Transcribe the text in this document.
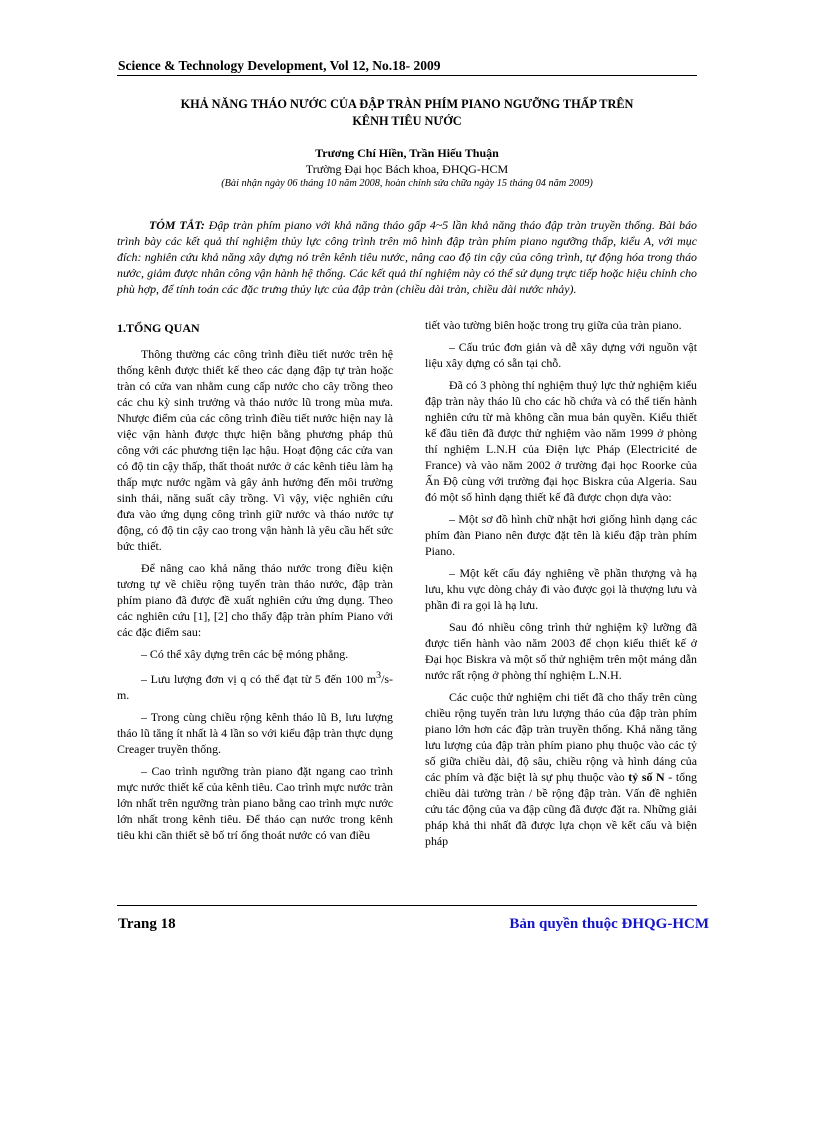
Science & Technology Development, Vol 12, No.18- 2009
KHẢ NĂNG THÁO NƯỚC CỦA ĐẬP TRÀN PHÍM PIANO NGƯỠNG THẤP TRÊN
KÊNH TIÊU NƯỚC
Trương Chí Hiền, Trần Hiếu Thuận
Trường Đại học Bách khoa, ĐHQG-HCM
(Bài nhận ngày 06 tháng 10 năm 2008, hoàn chỉnh sửa chữa ngày 15 tháng 04 năm 2009)
TÓM TẮT: Đập tràn phím piano với khả năng tháo gấp 4~5 lần khả năng tháo đập tràn truyền thống. Bài báo trình bày các kết quả thí nghiệm thủy lực công trình trên mô hình đập tràn phím piano ngưỡng thấp, kiểu A, với mục đích: nghiên cứu khả năng xây dựng nó trên kênh tiêu nước, nâng cao độ tin cậy của công trình, tự động hóa trong tháo nước, giảm được nhân công vận hành hệ thống. Các kết quả thí nghiệm này có thể sử dụng trực tiếp hoặc hiệu chỉnh cho phù hợp, để tính toán các đặc trưng thủy lực của đập tràn (chiều dài tràn, chiều dài nước nhảy).
1.TỔNG QUAN

Thông thường các công trình điều tiết nước trên hệ thống kênh được thiết kế theo các dạng đập tự tràn hoặc tràn có cửa van nhằm cung cấp nước cho cây trồng theo các chu kỳ sinh trưởng và tháo nước lũ trong mùa mưa. Nhược điểm của các công trình điều tiết nước hiện nay là việc vận hành được thực hiện bằng phương pháp thủ công với các phương tiện lạc hậu. Hoạt động các cửa van có độ tin cậy thấp, thất thoát nước ở các kênh tiêu làm hạ thấp mực nước ngầm và gây ảnh hưởng đến môi trường sinh thái, năng suất cây trồng. Vì vậy, việc nghiên cứu đưa vào ứng dụng công trình giữ nước và tháo nước tự động, có độ tin cậy cao trong vận hành là yêu cầu hết sức bức thiết.

Để nâng cao khả năng tháo nước trong điều kiện tương tự về chiều rộng tuyến tràn tháo nước, đập tràn phím piano đã được đề xuất nghiên cứu ứng dụng. Theo các nghiên cứu [1], [2] cho thấy đập tràn phím Piano với các đặc điểm sau:

– Có thể xây dựng trên các bệ móng phẳng.

– Lưu lượng đơn vị q có thể đạt từ 5 đến 100 $m^3/s-m$.

– Trong cùng chiều rộng kênh tháo lũ B, lưu lượng tháo lũ tăng ít nhất là 4 lần so với kiểu đập tràn thực dụng Creager truyền thống.

– Cao trình ngưỡng tràn piano đặt ngang cao trình mực nước thiết kế của kênh tiêu. Cao trình mực nước tràn lớn nhất trên ngưỡng tràn piano bằng cao trình mực nước lớn nhất trong kênh tiêu. Để tháo cạn nước trong kênh tiêu khi cần thiết sẽ bố trí ống thoát nước có van điều

tiết vào tường biên hoặc trong trụ giữa của tràn piano.

– Cấu trúc đơn giản và dễ xây dựng với nguồn vật liệu xây dựng có sẵn tại chỗ.

Đã có 3 phòng thí nghiệm thuỷ lực thử nghiệm kiểu đập tràn này tháo lũ cho các hồ chứa và có thể tiến hành nghiên cứu từ mà không cần mua bản quyền. Kiểu thiết kế đầu tiên đã được thử nghiệm vào năm 1999 ở phòng thí nghiệm L.N.H của Điện lực Pháp (Electricité de France) và vào năm 2002 ở trường đại học Roorke của Ấn Độ cùng với trường đại học Biskra của Algeria. Sau đó một số hình dạng thiết kế đã được chọn dựa vào:

– Một sơ đồ hình chữ nhật hơi giống hình dạng các phím đàn Piano nên được đặt tên là kiểu đập tràn phím Piano.

– Một kết cấu đáy nghiêng về phần thượng và hạ lưu, khu vực dòng chảy đi vào được gọi là thượng lưu và phần đi ra gọi là hạ lưu.

Sau đó nhiều công trình thử nghiệm kỹ lưỡng đã được tiến hành vào năm 2003 để chọn kiểu thiết kế ở Đại học Biskra và một số thử nghiệm trên một máng dẫn nước rất rộng ở phòng thí nghiệm L.N.H.

Các cuộc thử nghiệm chi tiết đã cho thấy trên cùng chiều rộng tuyến tràn lưu lượng tháo của đập tràn phím piano lớn hơn các đập tràn truyền thống. Khả năng tăng lưu lượng của đập tràn phím piano phụ thuộc vào các tỷ số giữa chiều dài, độ sâu, chiều rộng và hình dáng của các phím và đặc biệt là sự phụ thuộc vào tỷ số N - tổng chiều dài tường tràn / bề rộng đập tràn. Vấn đề nghiên cứu tác động của va đập cũng đã được đặt ra. Những giải pháp khả thi nhất đã được lựa chọn về kết cấu và biện pháp

Trang 18	Bản quyền thuộc ĐHQG-HCM
